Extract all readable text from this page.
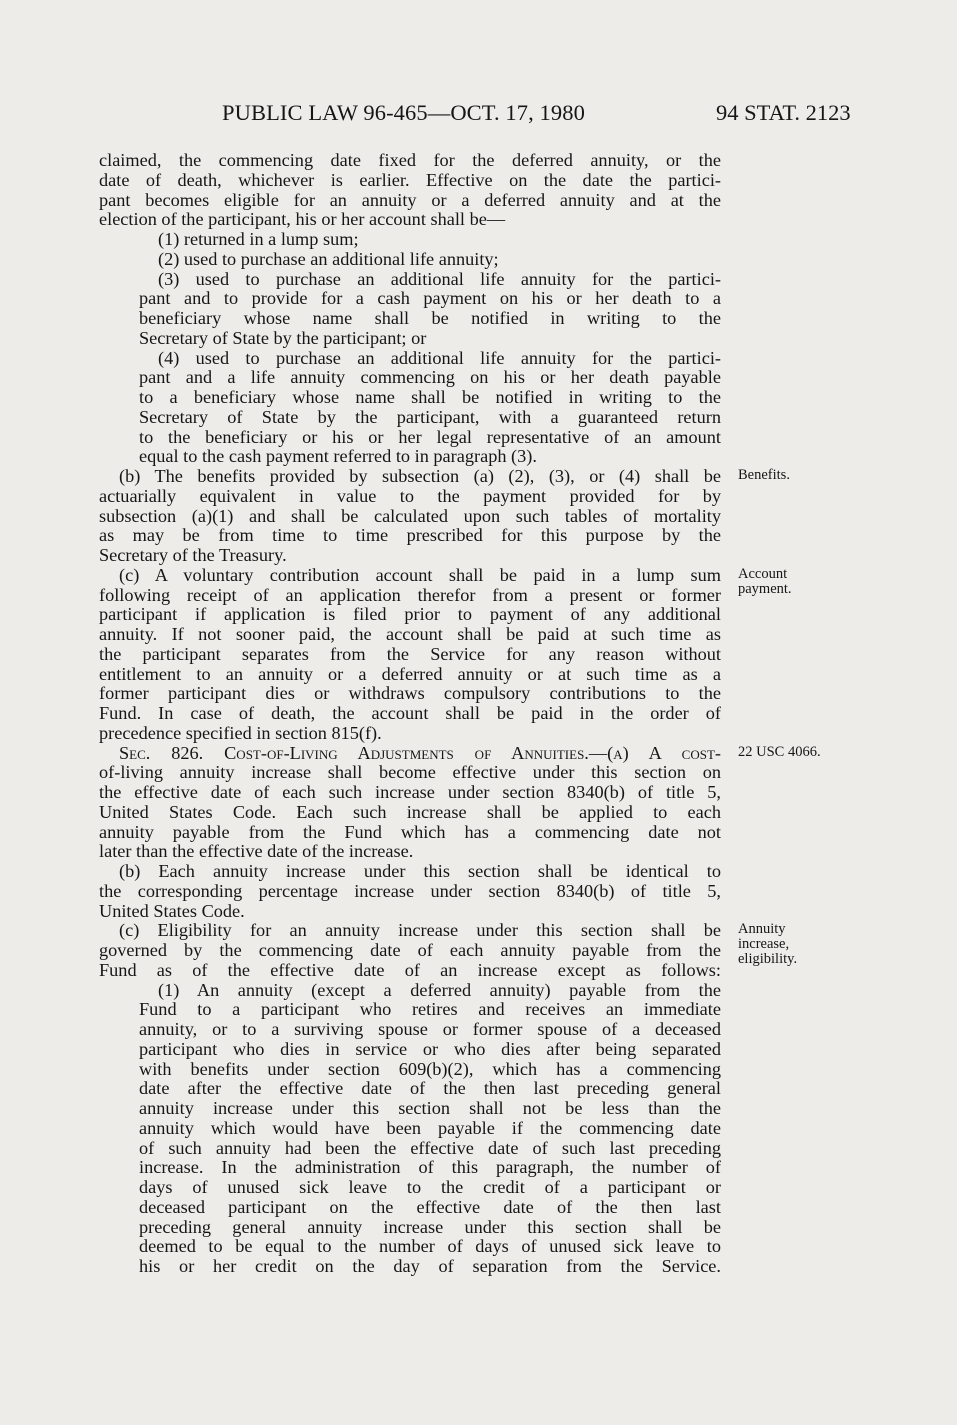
PUBLIC LAW 96-465—OCT. 17, 1980	94 STAT. 2123
claimed, the commencing date fixed for the deferred annuity, or the
date of death, whichever is earlier. Effective on the date the partici-
pant becomes eligible for an annuity or a deferred annuity and at the
election of the participant, his or her account shall be—
(1) returned in a lump sum;
(2) used to purchase an additional life annuity;
(3) used to purchase an additional life annuity for the partici-
pant and to provide for a cash payment on his or her death to a
beneficiary whose name shall be notified in writing to the
Secretary of State by the participant; or
(4) used to purchase an additional life annuity for the partici-
pant and a life annuity commencing on his or her death payable
to a beneficiary whose name shall be notified in writing to the
Secretary of State by the participant, with a guaranteed return
to the beneficiary or his or her legal representative of an amount
equal to the cash payment referred to in paragraph (3).
(b) The benefits provided by subsection (a) (2), (3), or (4) shall be
actuarially equivalent in value to the payment provided for by
subsection (a)(1) and shall be calculated upon such tables of mortality
as may be from time to time prescribed for this purpose by the
Secretary of the Treasury.
(c) A voluntary contribution account shall be paid in a lump sum
following receipt of an application therefor from a present or former
participant if application is filed prior to payment of any additional
annuity. If not sooner paid, the account shall be paid at such time as
the participant separates from the Service for any reason without
entitlement to an annuity or a deferred annuity or at such time as a
former participant dies or withdraws compulsory contributions to the
Fund. In case of death, the account shall be paid in the order of
precedence specified in section 815(f).
Sec. 826. Cost-of-Living Adjustments of Annuities.—(a) A cost-
of-living annuity increase shall become effective under this section on
the effective date of each such increase under section 8340(b) of title 5,
United States Code. Each such increase shall be applied to each
annuity payable from the Fund which has a commencing date not
later than the effective date of the increase.
(b) Each annuity increase under this section shall be identical to
the corresponding percentage increase under section 8340(b) of title 5,
United States Code.
(c) Eligibility for an annuity increase under this section shall be
governed by the commencing date of each annuity payable from the
Fund as of the effective date of an increase except as follows:
(1) An annuity (except a deferred annuity) payable from the
Fund to a participant who retires and receives an immediate
annuity, or to a surviving spouse or former spouse of a deceased
participant who dies in service or who dies after being separated
with benefits under section 609(b)(2), which has a commencing
date after the effective date of the then last preceding general
annuity increase under this section shall not be less than the
annuity which would have been payable if the commencing date
of such annuity had been the effective date of such last preceding
increase. In the administration of this paragraph, the number of
days of unused sick leave to the credit of a participant or
deceased participant on the effective date of the then last
preceding general annuity increase under this section shall be
deemed to be equal to the number of days of unused sick leave to
his or her credit on the day of separation from the Service.
Benefits.
Account
payment.
22 USC 4066.
Annuity
increase,
eligibility.
